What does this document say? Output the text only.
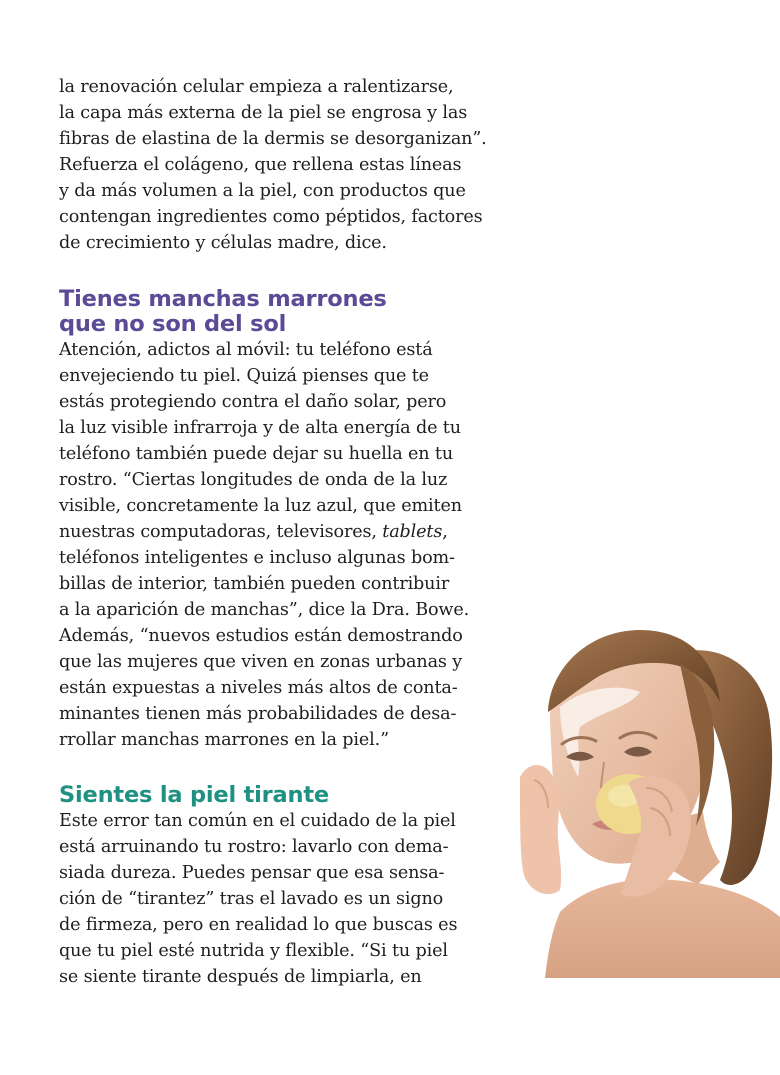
la renovación celular empieza a ralentizarse,
la capa más externa de la piel se engrosa y las
fibras de elastina de la dermis se desorganizan”.
Refuerza el colágeno, que rellena estas líneas
y da más volumen a la piel, con productos que
contengan ingredientes como péptidos, factores
de crecimiento y células madre, dice.

Tienes manchas marrones
que no son del sol

Atención, adictos al móvil: tu teléfono está
envejeciendo tu piel. Quizá pienses que te
estás protegiendo contra el daño solar, pero
la luz visible infrarroja y de alta energía de tu
teléfono también puede dejar su huella en tu
rostro. “Ciertas longitudes de onda de la luz
visible, concretamente la luz azul, que emiten
nuestras computadoras, televisores, tablets,
teléfonos inteligentes e incluso algunas bom-
billas de interior, también pueden contribuir
a la aparición de manchas”, dice la Dra. Bowe.
Además, “nuevos estudios están demostrando
que las mujeres que viven en zonas urbanas y
están expuestas a niveles más altos de conta-
minantes tienen más probabilidades de desa-
rrollar manchas marrones en la piel.”

Sientes la piel tirante

Este error tan común en el cuidado de la piel
está arruinando tu rostro: lavarlo con dema-
siada dureza. Puedes pensar que esa sensa-
ción de “tirantez” tras el lavado es un signo
de firmeza, pero en realidad lo que buscas es
que tu piel esté nutrida y flexible. “Si tu piel
se siente tirante después de limpiarla, en
